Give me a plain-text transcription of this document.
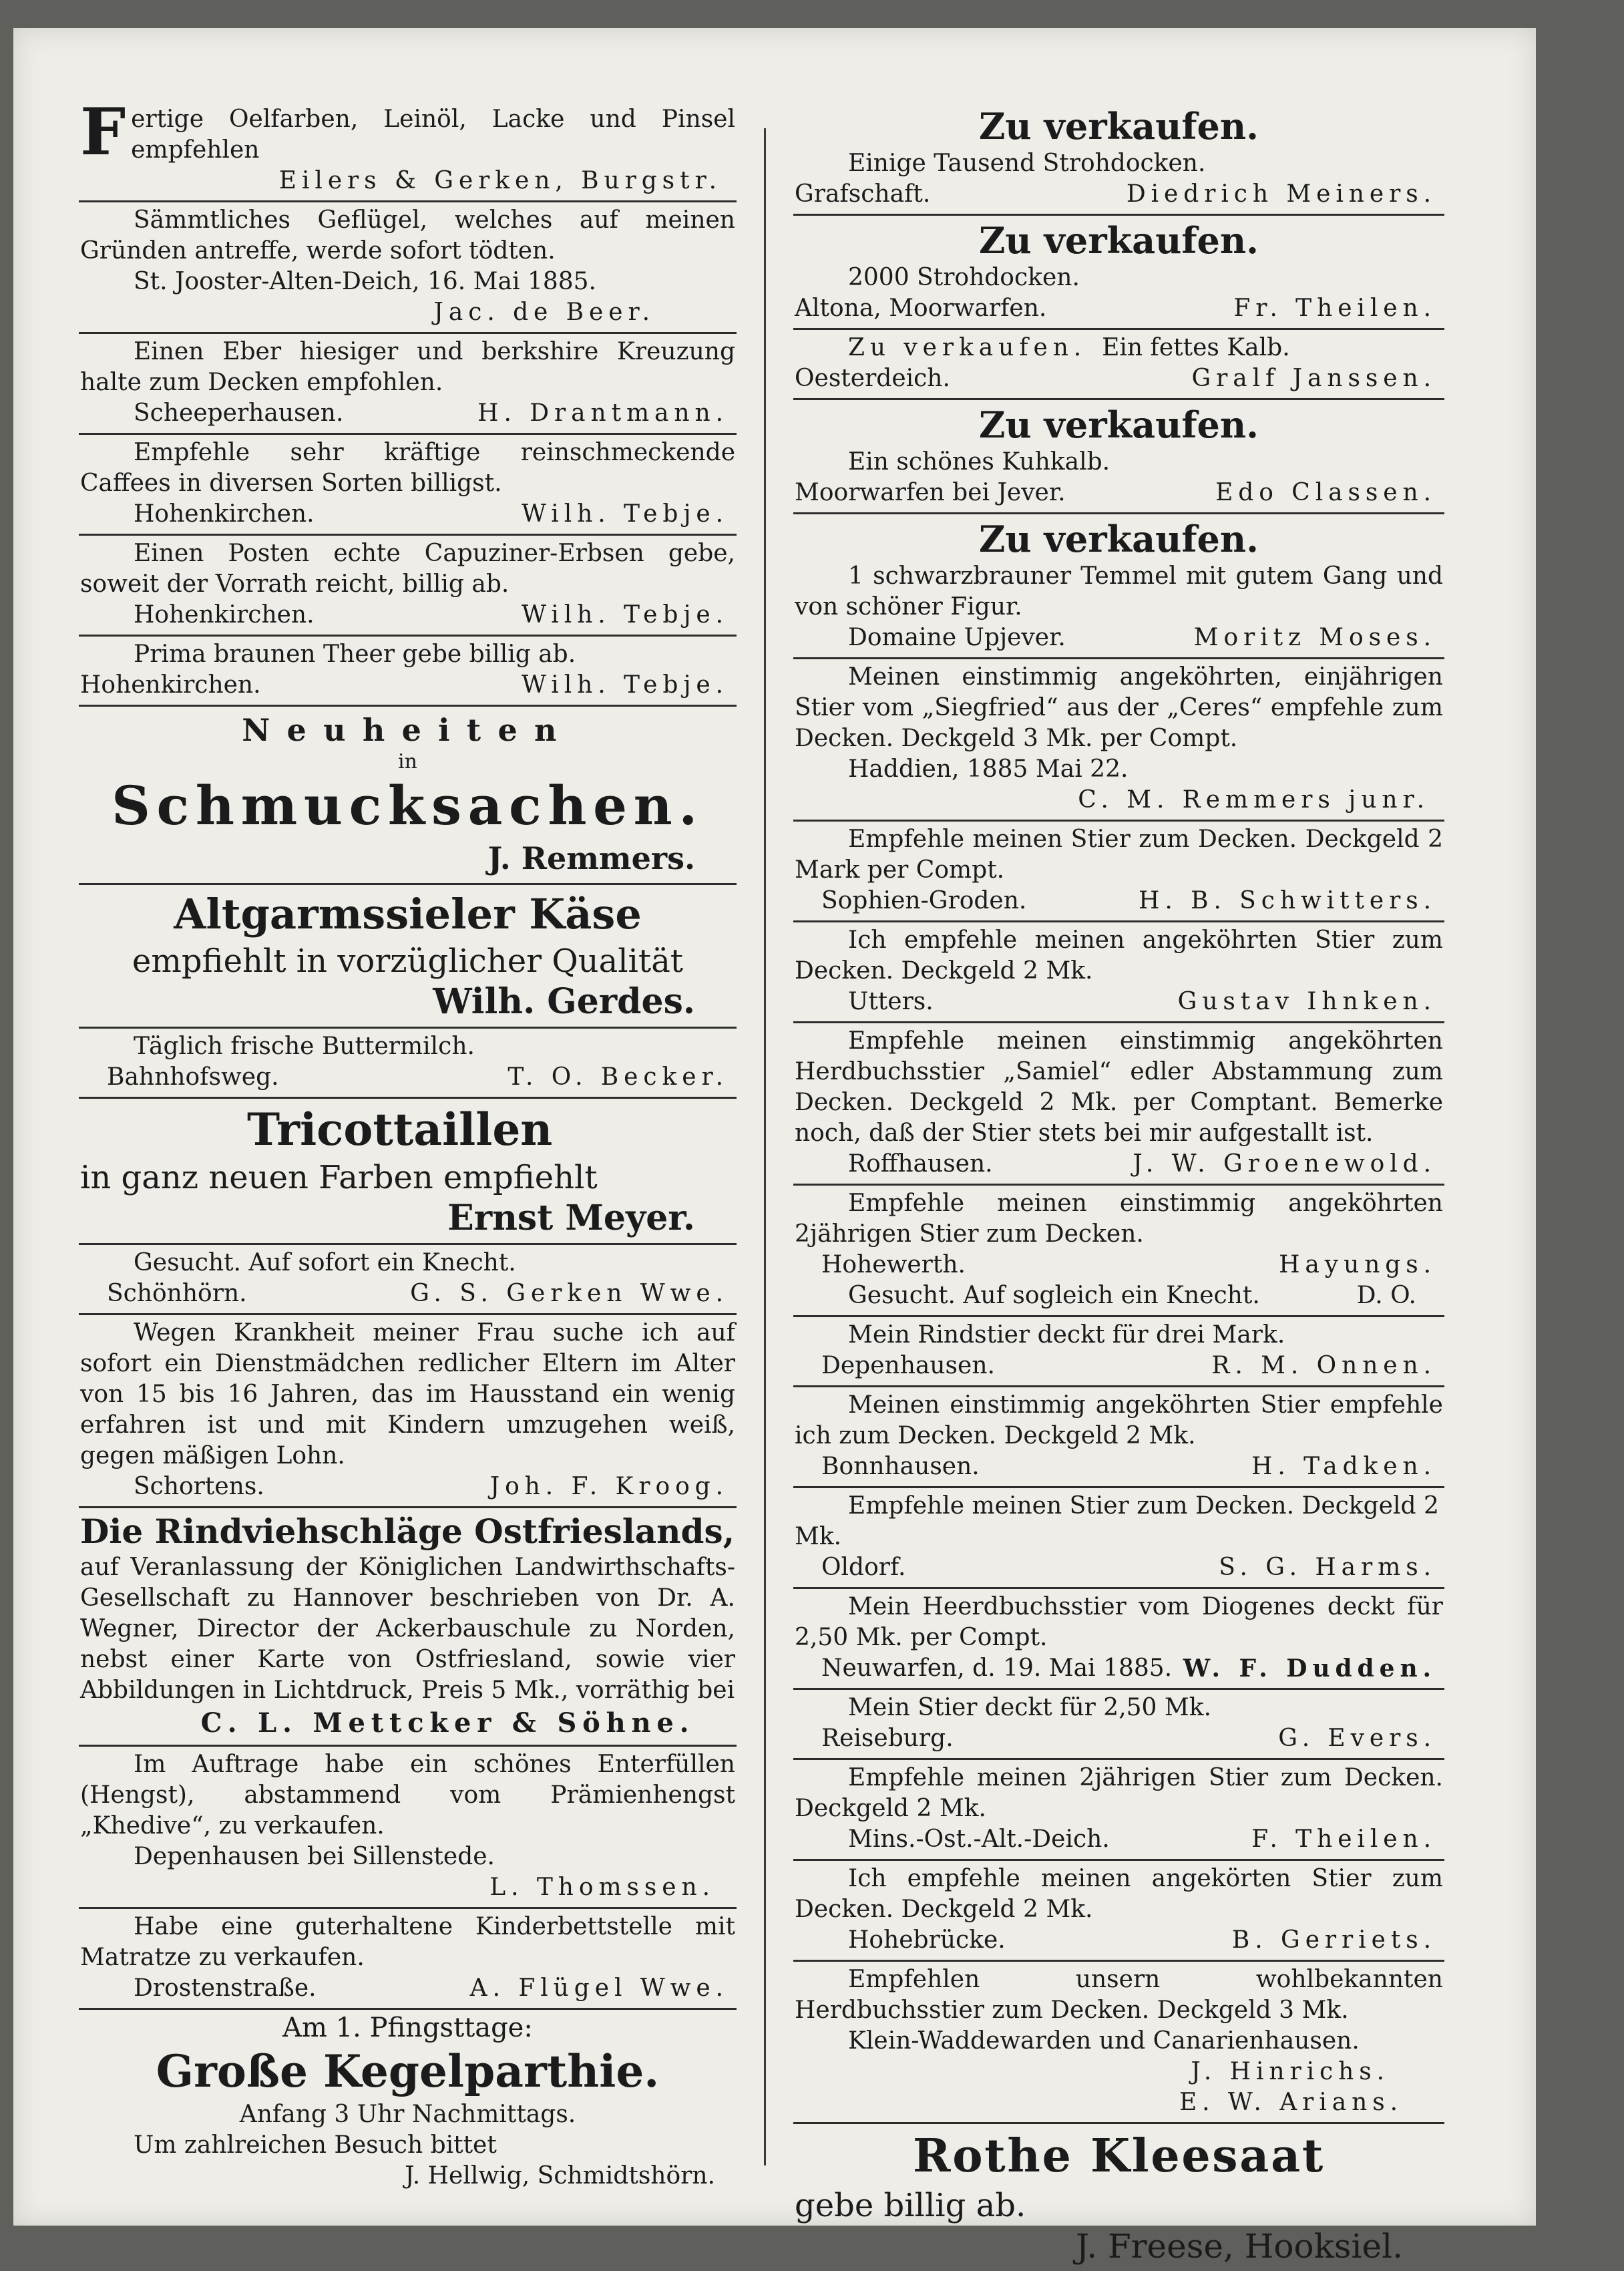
Fertige Oelfarben, Leinöl, Lacke und Pinsel empfehlen

Eilers & Gerken, Burgstr.

Sämmtliches Geflügel, welches auf meinen Gründen antreffe, werde sofort tödten.

St. Jooster-Alten-Deich, 16. Mai 1885.

Jac. de Beer.

Einen Eber hiesiger und berkshire Kreuzung halte zum Decken empfohlen.

Scheeperhausen.	H. Drantmann.

Empfehle sehr kräftige reinschmeckende Caffees in diversen Sorten billigst.

Hohenkirchen.	Wilh. Tebje.

Einen Posten echte Capuziner-Erbsen gebe, soweit der Vorrath reicht, billig ab.

Hohenkirchen.	Wilh. Tebje.

Prima braunen Theer gebe billig ab.

Hohenkirchen.	Wilh. Tebje.

Neuheiten

in

Schmucksachen.

J. Remmers.

Altgarmssieler Käse

empfiehlt in vorzüglicher Qualität

Wilh. Gerdes.

Täglich frische Buttermilch.

Bahnhofsweg.	T. O. Becker.

Tricottaillen

in ganz neuen Farben empfiehlt

Ernst Meyer.

Gesucht. Auf sofort ein Knecht.

Schönhörn.	G. S. Gerken Wwe.

Wegen Krankheit meiner Frau suche ich auf sofort ein Dienstmädchen redlicher Eltern im Alter von 15 bis 16 Jahren, das im Hausstand ein wenig erfahren ist und mit Kindern umzugehen weiß, gegen mäßigen Lohn.

Schortens.	Joh. F. Kroog.

Die Rindviehschläge Ostfrieslands,

auf Veranlassung der Königlichen Landwirthschafts-Gesellschaft zu Hannover beschrieben von Dr. A. Wegner, Director der Ackerbauschule zu Norden, nebst einer Karte von Ostfriesland, sowie vier Abbildungen in Lichtdruck, Preis 5 Mk., vorräthig bei

C. L. Mettcker & Söhne.

Im Auftrage habe ein schönes Enterfüllen (Hengst), abstammend vom Prämienhengst „Khedive“, zu verkaufen.

Depenhausen bei Sillenstede.

L. Thomssen.

Habe eine guterhaltene Kinderbettstelle mit Matratze zu verkaufen.

Drostenstraße.	A. Flügel Wwe.

Am 1. Pfingsttage:

Große Kegelparthie.

Anfang 3 Uhr Nachmittags.

Um zahlreichen Besuch bittet

J. Hellwig, Schmidtshörn.

Zu verkaufen.

Einige Tausend Strohdocken.

Grafschaft.	Diedrich Meiners.

Zu verkaufen.

2000 Strohdocken.

Altona, Moorwarfen.	Fr. Theilen.

Zu verkaufen. Ein fettes Kalb.

Oesterdeich.	Gralf Janssen.

Zu verkaufen.

Ein schönes Kuhkalb.

Moorwarfen bei Jever.	Edo Classen.

Zu verkaufen.

1 schwarzbrauner Temmel mit gutem Gang und von schöner Figur.

Domaine Upjever.	Moritz Moses.

Meinen einstimmig angeköhrten, einjährigen Stier vom „Siegfried“ aus der „Ceres“ empfehle zum Decken. Deckgeld 3 Mk. per Compt.

Haddien, 1885 Mai 22.

C. M. Remmers junr.

Empfehle meinen Stier zum Decken. Deckgeld 2 Mark per Compt.

Sophien-Groden.	H. B. Schwitters.

Ich empfehle meinen angeköhrten Stier zum Decken. Deckgeld 2 Mk.

Utters.	Gustav Ihnken.

Empfehle meinen einstimmig angeköhrten Herdbuchsstier „Samiel“ edler Abstammung zum Decken. Deckgeld 2 Mk. per Comptant. Bemerke noch, daß der Stier stets bei mir aufgestallt ist.

Roffhausen.	J. W. Groenewold.

Empfehle meinen einstimmig angeköhrten 2jährigen Stier zum Decken.

Hohewerth.	Hayungs.
Gesucht. Auf sogleich ein Knecht.	D. O.

Mein Rindstier deckt für drei Mark.

Depenhausen.	R. M. Onnen.

Meinen einstimmig angeköhrten Stier empfehle ich zum Decken. Deckgeld 2 Mk.

Bonnhausen.	H. Tadken.

Empfehle meinen Stier zum Decken. Deckgeld 2 Mk.

Oldorf.	S. G. Harms.

Mein Heerdbuchsstier vom Diogenes deckt für 2,50 Mk. per Compt.

Neuwarfen, d. 19. Mai 1885. W. F. Dudden.

Mein Stier deckt für 2,50 Mk.

Reiseburg.	G. Evers.

Empfehle meinen 2jährigen Stier zum Decken. Deckgeld 2 Mk.

Mins.-Ost.-Alt.-Deich.	F. Theilen.

Ich empfehle meinen angekörten Stier zum Decken. Deckgeld 2 Mk.

Hohebrücke.	B. Gerriets.

Empfehlen unsern wohlbekannten Herdbuchsstier zum Decken. Deckgeld 3 Mk.

Klein-Waddewarden und Canarienhausen.

J. Hinrichs.

E. W. Arians.

Rothe Kleesaat

gebe billig ab.

J. Freese, Hooksiel.
